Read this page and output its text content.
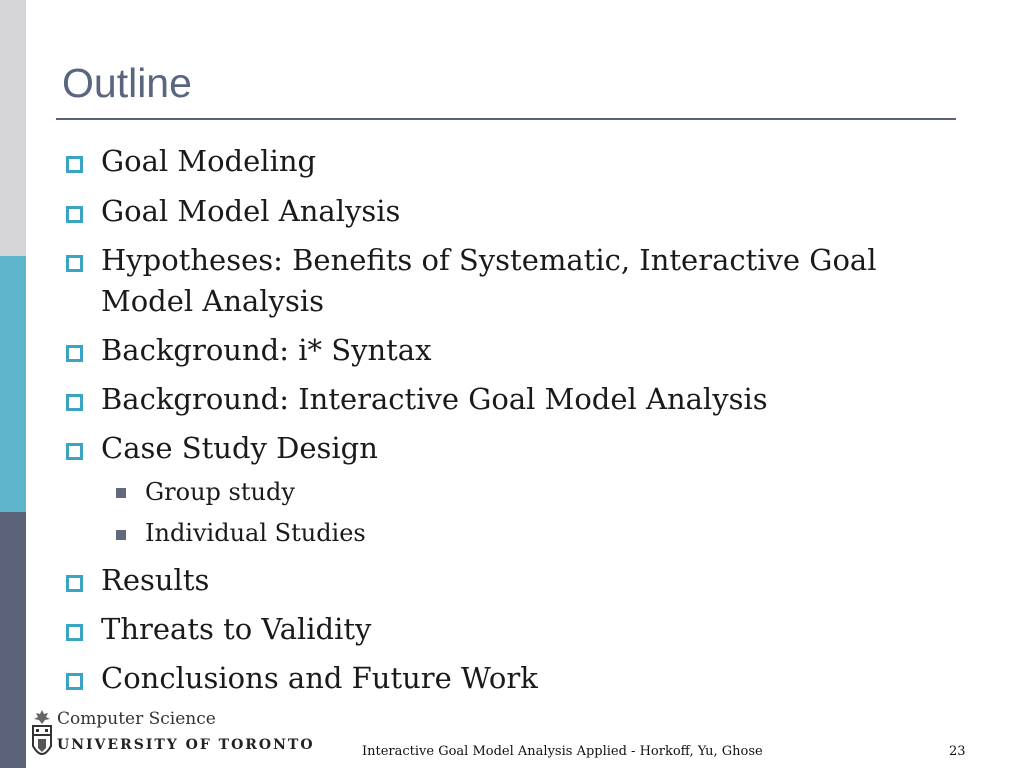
Outline
Goal Modeling
Goal Model Analysis
Hypotheses: Benefits of Systematic, Interactive Goal
Model Analysis
Background: i* Syntax
Background: Interactive Goal Model Analysis
Case Study Design
Group study
Individual Studies
Results
Threats to Validity
Conclusions and Future Work
Computer Science
UNIVERSITY OF TORONTO	Interactive Goal Model Analysis Applied - Horkoff, Yu, Ghose	23
